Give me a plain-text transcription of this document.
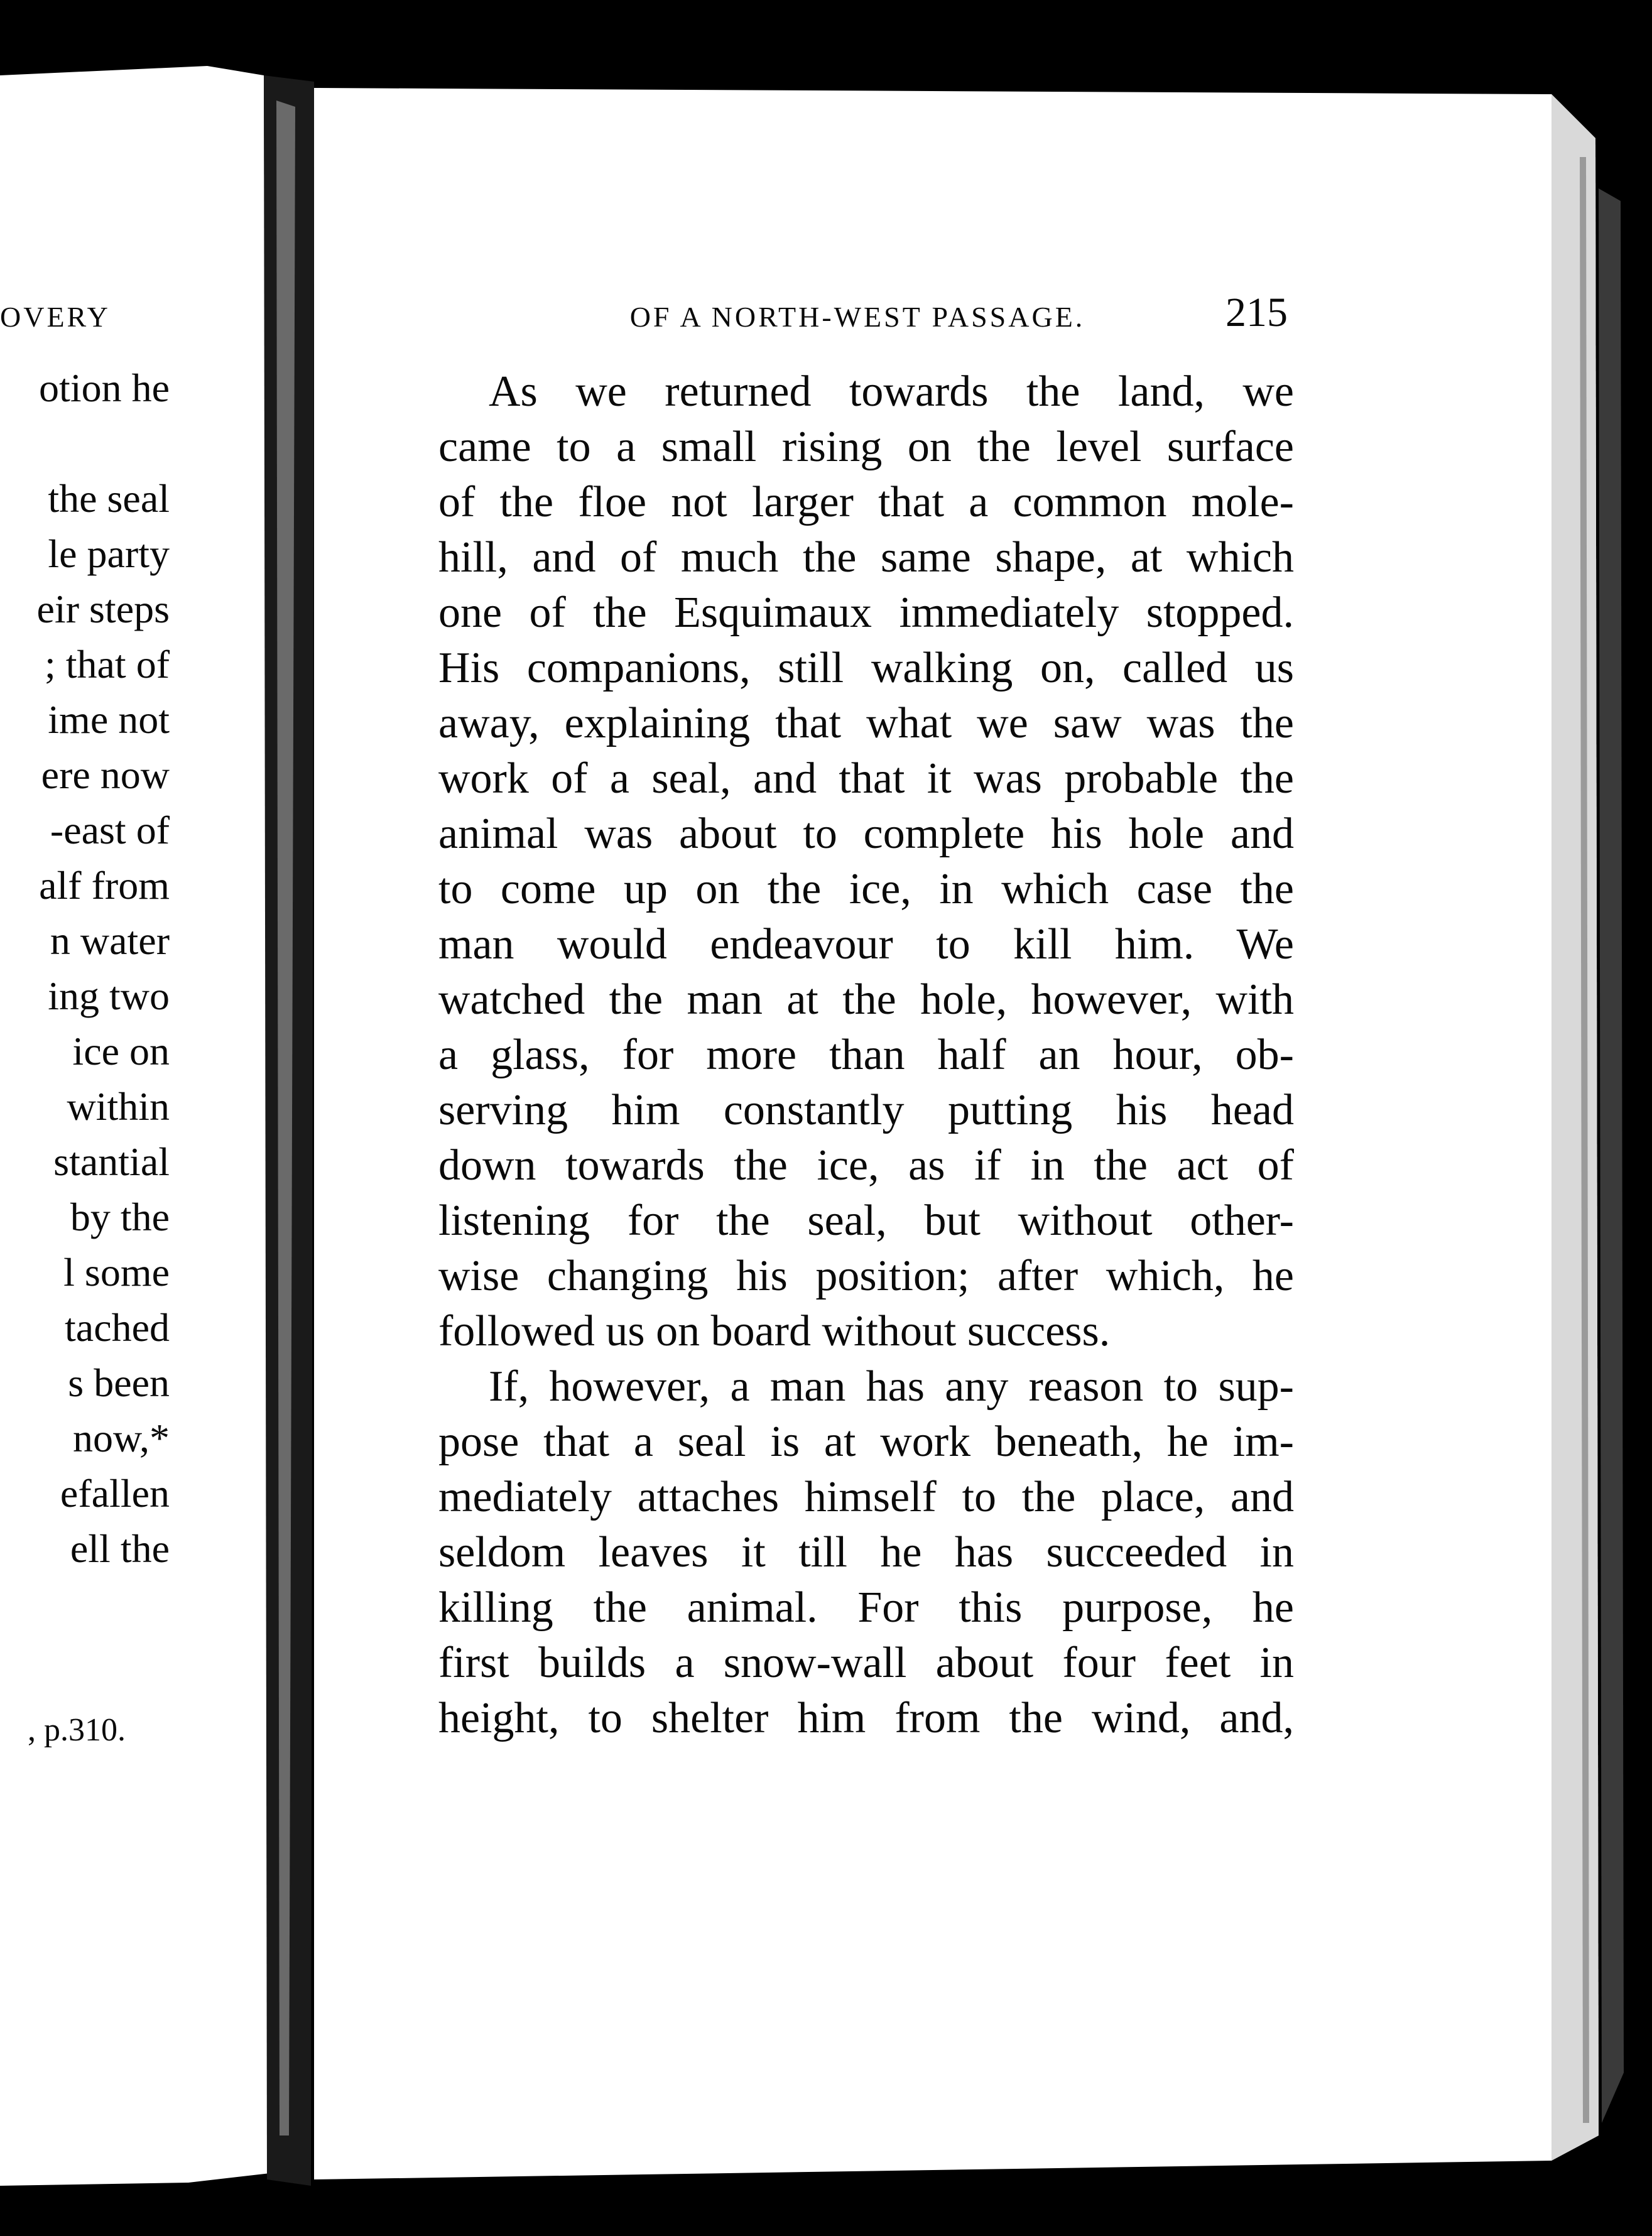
OVERY
otion he
the seal
le party
eir steps
; that of
ime not
ere now
-east of
alf from
n water
ing two
ice on
within
stantial
by the
l some
tached
s been
now,*
efallen
ell the
, p.310.
OF A NORTH-WEST PASSAGE.	215
As we returned towards the land, we
came to a small rising on the level surface
of the floe not larger that a common mole-
hill, and of much the same shape, at which
one of the Esquimaux immediately stopped.
His companions, still walking on, called us
away, explaining that what we saw was the
work of a seal, and that it was probable the
animal was about to complete his hole and
to come up on the ice, in which case the
man would endeavour to kill him. We
watched the man at the hole, however, with
a glass, for more than half an hour, ob-
serving him constantly putting his head
down towards the ice, as if in the act of
listening for the seal, but without other-
wise changing his position; after which, he
followed us on board without success.
If, however, a man has any reason to sup-
pose that a seal is at work beneath, he im-
mediately attaches himself to the place, and
seldom leaves it till he has succeeded in
killing the animal. For this purpose, he
first builds a snow-wall about four feet in
height, to shelter him from the wind, and,
